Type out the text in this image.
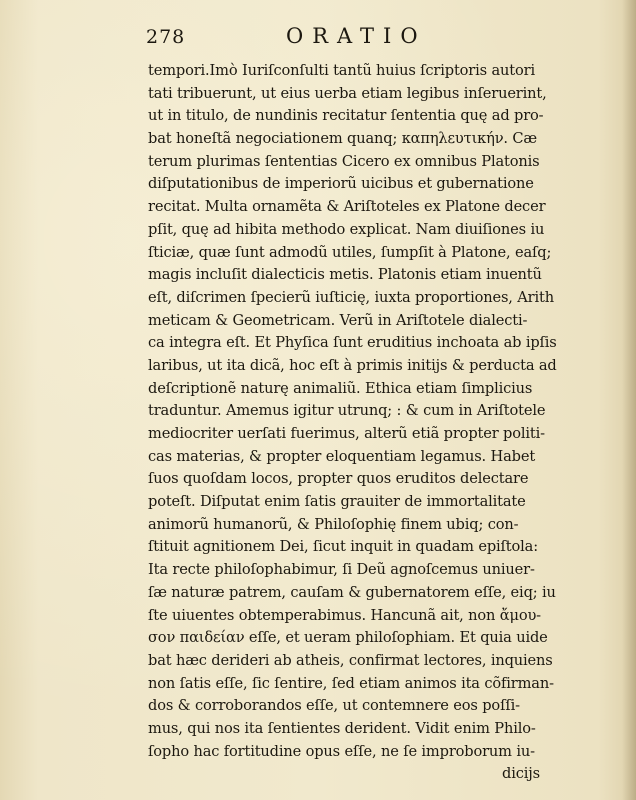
278	ORATIO
tempori.Imò Iuriſconſulti tantũ huius ſcriptoris autori
tati tribuerunt, ut eius uerba etiam legibus inſeruerint,
ut in titulo, de nundinis recitatur ſententia quę ad pro-
bat honeſtã negociationem quanq; καπηλευτικήν. Cæ
terum plurimas ſententias Cicero ex omnibus Platonis
diſputationibus de imperiorũ uicibus et gubernatione
recitat. Multa ornamẽta & Ariſtoteles ex Platone decer
pſit, quę ad hibita methodo explicat. Nam diuiſiones iu
ſticiæ, quæ ſunt admodũ utiles, ſumpſit à Platone, eaſq;
magis incluſit dialecticis metis. Platonis etiam inuentũ
eſt, diſcrimen ſpecierũ iuſticię, iuxta proportiones, Arith
meticam & Geometricam. Verũ in Ariſtotele dialecti-
ca integra eſt. Et Phyſica ſunt eruditius inchoata ab ipſis
laribus, ut ita dicã, hoc eſt à primis initijs & perducta ad
deſcriptionẽ naturę animaliũ. Ethica etiam ſimplicius
traduntur. Amemus igitur utrunq; : & cum in Ariſtotele
mediocriter uerſati fuerimus, alterũ etiã propter politi-
cas materias, & propter eloquentiam legamus. Habet
ſuos quoſdam locos, propter quos eruditos delectare
poteſt. Diſputat enim ſatis grauiter de immortalitate
animorũ humanorũ, & Philoſophię finem ubiq; con-
ſtituit agnitionem Dei, ſicut inquit in quadam epiſtola:
Ita recte philoſophabimur, ſi Deũ agnoſcemus uniuer-
ſæ naturæ patrem, cauſam & gubernatorem eſſe, eiq; iu
ſte uiuentes obtemperabimus. Hancunã ait, non ἄμου-
σον παιδείαν eſſe, et ueram philoſophiam. Et quia uide
bat hæc derideri ab atheis, confirmat lectores, inquiens
non ſatis eſſe, ſic ſentire, ſed etiam animos ita cõfirman-
dos & corroborandos eſſe, ut contemnere eos poſſi-
mus, qui nos ita ſentientes derident. Vidit enim Philo-
ſopho hac fortitudine opus eſſe, ne ſe improborum iu-
dicijs
